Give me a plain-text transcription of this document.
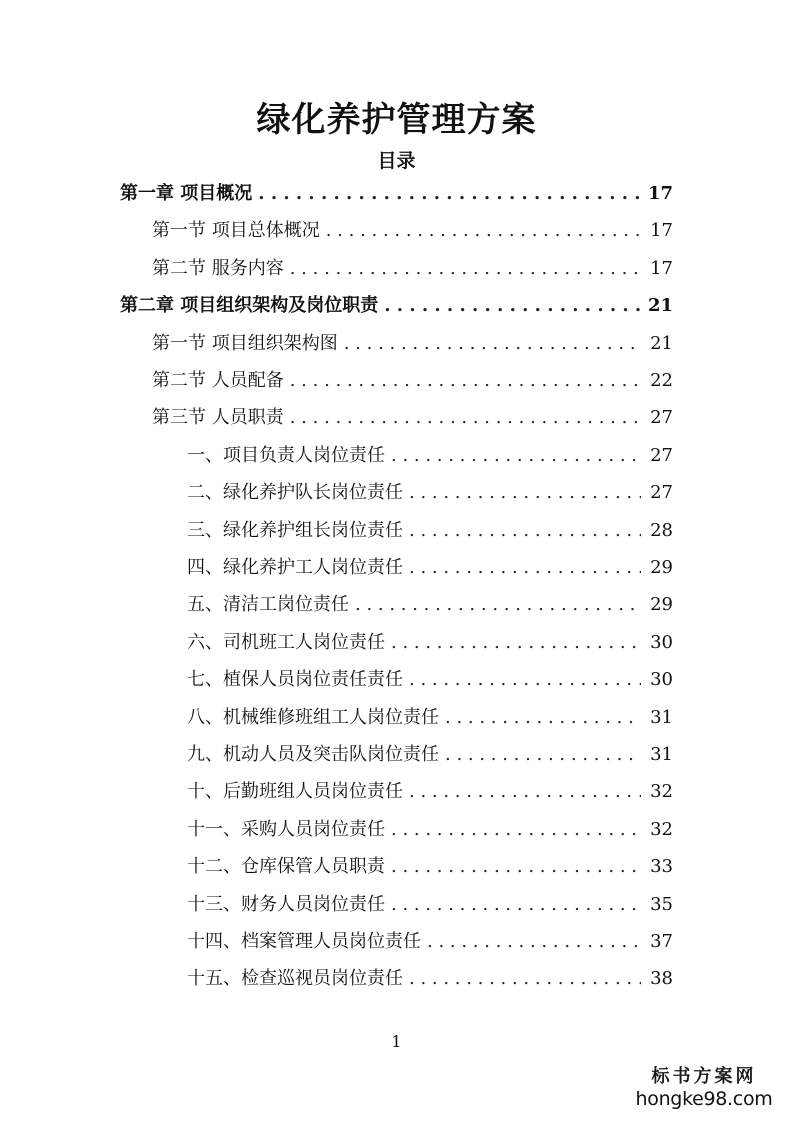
绿化养护管理方案
目录
第一章 项目概况 . . .	17
第一节 项目总体概况 . . .	17
第二节 服务内容 . . .	17
第二章 项目组织架构及岗位职责 . . .	21
第一节 项目组织架构图 . . .	21
第二节 人员配备 . . .	22
第三节 人员职责 . . .	27
一、项目负责人岗位责任 . . .	27
二、绿化养护队长岗位责任 . . .	27
三、绿化养护组长岗位责任 . . .	28
四、绿化养护工人岗位责任 . . .	29
五、清洁工岗位责任 . . .	29
六、司机班工人岗位责任 . . .	30
七、植保人员岗位责任责任 . . .	30
八、机械维修班组工人岗位责任 . . .	31
九、机动人员及突击队岗位责任 . . .	31
十、后勤班组人员岗位责任 . . .	32
十一、采购人员岗位责任 . . .	32
十二、仓库保管人员职责 . . .	33
十三、财务人员岗位责任 . . .	35
十四、档案管理人员岗位责任 . . .	37
十五、检查巡视员岗位责任 . . .	38
1
标书方案网
hongke98.com
